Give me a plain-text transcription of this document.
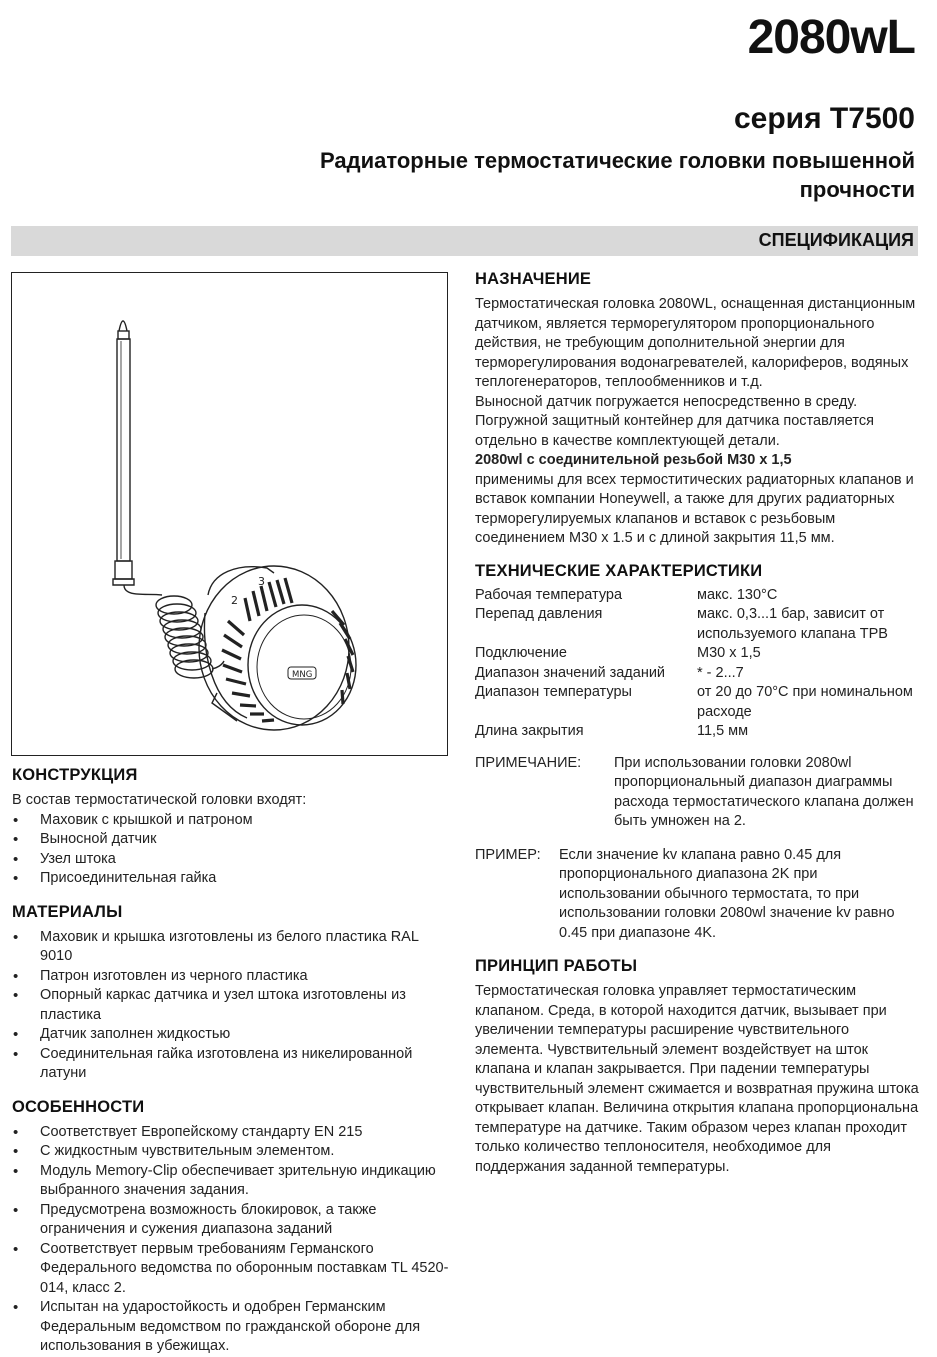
2080wL
серия T7500
Радиаторные термостатические головки повышенной прочности
СПЕЦИФИКАЦИЯ
2
3
MNG
КОНСТРУКЦИЯ

В состав термостатической головки входят:

• Маховик с крышкой и патроном
• Выносной датчик
• Узел штока
• Присоединительная гайка
МАТЕРИАЛЫ
• Маховик и крышка изготовлены из белого пластика RAL 9010
• Патрон изготовлен из черного пластика
• Опорный каркас датчика и узел штока изготовлены из пластика
• Датчик заполнен жидкостью
• Соединительная гайка изготовлена из никелированной латуни
ОСОБЕННОСТИ
• Соответствует Европейскому стандарту EN 215
• С жидкостным чувствительным элементом.
• Модуль Memory-Clip обеспечивает зрительную индикацию выбранного значения задания.
• Предусмотрена возможность блокировок, а также ограничения и сужения диапазона заданий
• Соответствует первым требованиям Германского Федерального ведомства по оборонным поставкам TL 4520-014, класс 2.
• Испытан на ударостойкость и одобрен Германским Федеральным ведомством по гражданской обороне для использования в убежищах.
НАЗНАЧЕНИЕ

Термостатическая головка 2080WL, оснащенная дистанционным датчиком, является терморегулятором пропорционального действия, не требующим дополнительной энергии для терморегулирования водонагревателей, калориферов, водяных теплогенераторов, теплообменников и т.д.

Выносной датчик погружается непосредственно в среду. Погружной защитный контейнер для датчика поставляется отдельно в качестве комплектующей детали.

2080wl с соединительной резьбой М30 х 1,5

применимы для всех термоститических радиаторных клапанов и вставок компании Honeywell, а также для других радиаторных терморегулируемых клапанов и вставок с резьбовым соединением M30 x 1.5 и с длиной закрытия 11,5 мм.

ТЕХНИЧЕСКИЕ ХАРАКТЕРИСТИКИ
Рабочая температура	макс. 130°C
Перепад давления	макс. 0,3...1 бар, зависит от используемого клапана TPB
Подключение	М30 х 1,5
Диапазон значений заданий	* - 2...7
Диапазон температуры	от 20 до 70°C при номинальном расходе
Длина закрытия	11,5 мм
ПРИМЕЧАНИЕ:	При использовании головки 2080wl пропорциональный диапазон диаграммы расхода термостатического клапана должен быть умножен на 2.
ПРИМЕР:	Если значение kv клапана равно 0.45 для пропорционального диапазона 2K при использовании обычного термостата, то при использовании головки 2080wl значение kv равно 0.45 при диапазоне 4K.
ПРИНЦИП РАБОТЫ

Термостатическая головка управляет термостатическим клапаном. Среда, в которой находится датчик, вызывает при увеличении температуры расширение чувствительного элемента. Чувствительный элемент воздействует на шток клапана и клапан закрывается. При падении температуры чувствительный элемент сжимается и возвратная пружина штока открывает клапан. Величина открытия клапана пропорциональна температуре на датчике. Таким образом через клапан проходит только количество теплоносителя, необходимое для поддержания заданной температуры.
